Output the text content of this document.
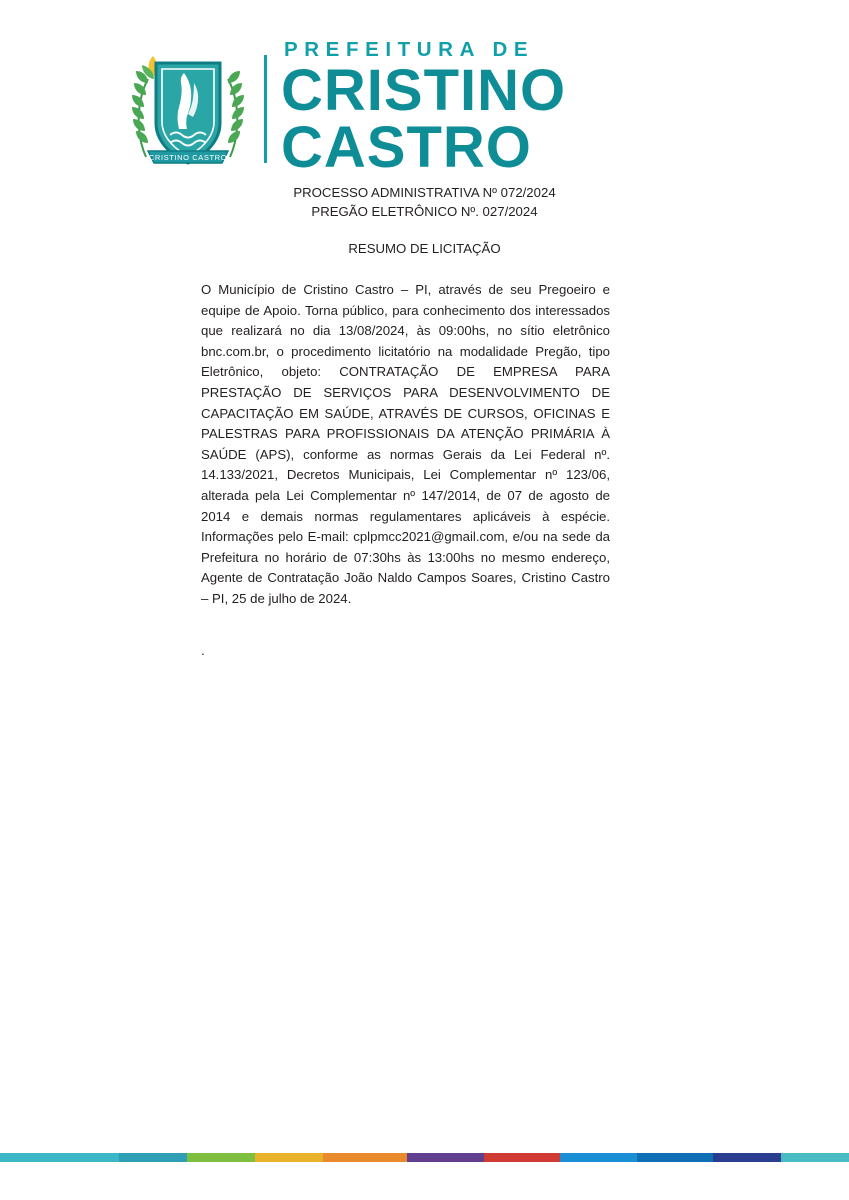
CRISTINO CASTRO
PREFEITURA DE
CRISTINO
CASTRO
PROCESSO ADMINISTRATIVA Nº 072/2024
PREGÃO ELETRÔNICO Nº. 027/2024
RESUMO DE LICITAÇÃO

O Município de Cristino Castro – PI, através de seu Pregoeiro e equipe de Apoio. Torna público, para conhecimento dos interessados que realizará no dia 13/08/2024, às 09:00hs, no sítio eletrônico bnc.com.br, o procedimento licitatório na modalidade Pregão, tipo Eletrônico, objeto: CONTRATAÇÃO DE EMPRESA PARA PRESTAÇÃO DE SERVIÇOS PARA DESENVOLVIMENTO DE CAPACITAÇÃO EM SAÚDE, ATRAVÉS DE CURSOS, OFICINAS E PALESTRAS PARA PROFISSIONAIS DA ATENÇÃO PRIMÁRIA À SAÚDE (APS), conforme as normas Gerais da Lei Federal nº. 14.133/2021, Decretos Municipais, Lei Complementar nº 123/06, alterada pela Lei Complementar nº 147/2014, de 07 de agosto de 2014 e demais normas regulamentares aplicáveis à espécie. Informações pelo E-mail: cplpmcc2021@gmail.com, e/ou na sede da Prefeitura no horário de 07:30hs às 13:00hs no mesmo endereço, Agente de Contratação João Naldo Campos Soares, Cristino Castro – PI, 25 de julho de 2024.

.
